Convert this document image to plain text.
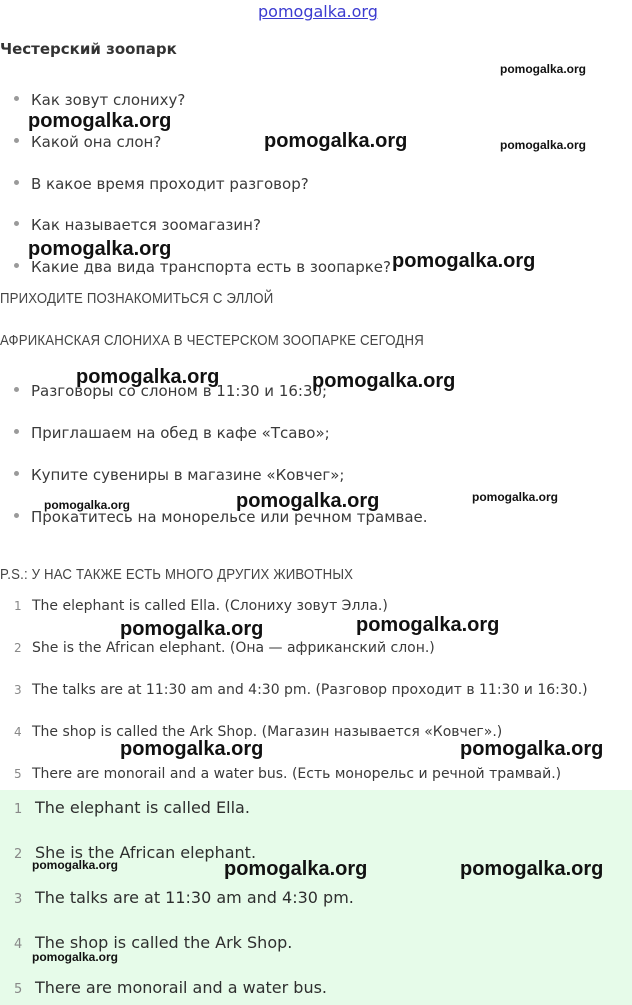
pomogalka.org
Честерский зоопарк
Как зовут слониху?
Какой она слон?
В какое время проходит разговор?
Как называется зоомагазин?
Какие два вида транспорта есть в зоопарке?
ПРИХОДИТЕ ПОЗНАКОМИТЬСЯ С ЭЛЛОЙ
АФРИКАНСКАЯ СЛОНИХА В ЧЕСТЕРСКОМ ЗООПАРКЕ СЕГОДНЯ
Разговоры со слоном в 11:30 и 16:30;
Приглашаем на обед в кафе «Тсаво»;
Купите сувениры в магазине «Ковчег»;
Прокатитесь на монорельсе или речном трамвае.
P.S.: У НАС ТАКЖЕ ЕСТЬ МНОГО ДРУГИХ ЖИВОТНЫХ
1 The elephant is called Ella. (Слониху зовут Элла.)
2 She is the African elephant. (Она — африканский слон.)
3 The talks are at 11:30 am and 4:30 pm. (Разговор проходит в 11:30 и 16:30.)
4 The shop is called the Ark Shop. (Магазин называется «Ковчег».)
5 There are monorail and a water bus. (Есть монорельс и речной трамвай.)
1 The elephant is called Ella.
2 She is the African elephant.
3 The talks are at 11:30 am and 4:30 pm.
4 The shop is called the Ark Shop.
5 There are monorail and a water bus.
pomogalka.org
pomogalka.org
pomogalka.org	pomogalka.org
pomogalka.org
pomogalka.org
pomogalka.org	pomogalka.org
pomogalka.org
pomogalka.org	pomogalka.org
pomogalka.org	pomogalka.org
pomogalka.org	pomogalka.org
pomogalka.org	pomogalka.org	pomogalka.org
pomogalka.org
